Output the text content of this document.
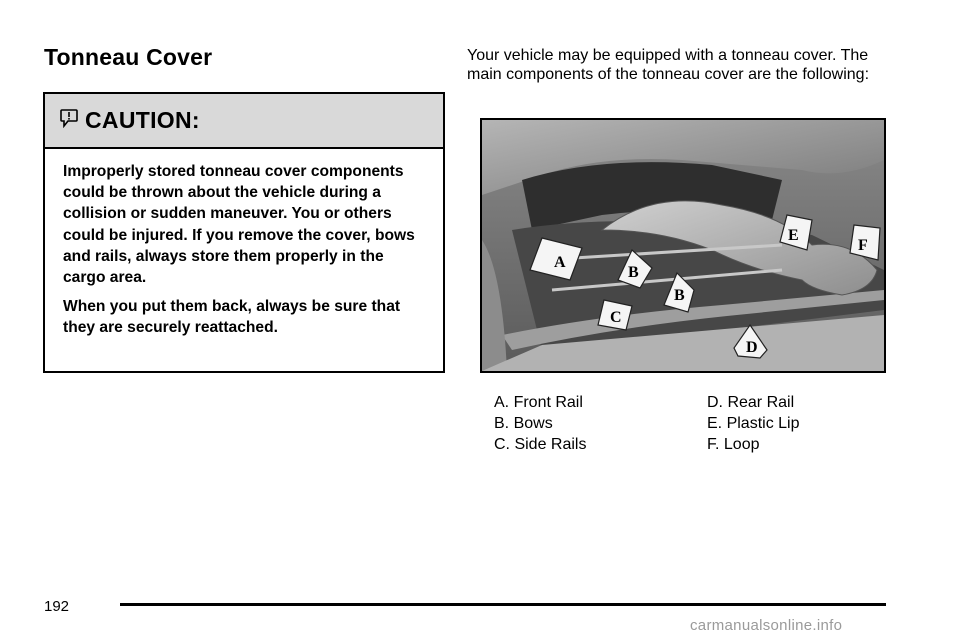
Tonneau Cover
CAUTION:

Improperly stored tonneau cover components could be thrown about the vehicle during a collision or sudden maneuver. You or others could be injured. If you remove the cover, bows and rails, always store them properly in the cargo area.

When you put them back, always be sure that they are securely reattached.

Your vehicle may be equipped with a tonneau cover. The main components of the tonneau cover are the following:

A
B
B
C
D
E
F
A. Front Rail
B. Bows
C. Side Rails
D. Rear Rail
E. Plastic Lip
F. Loop
192
carmanualsonline.info
